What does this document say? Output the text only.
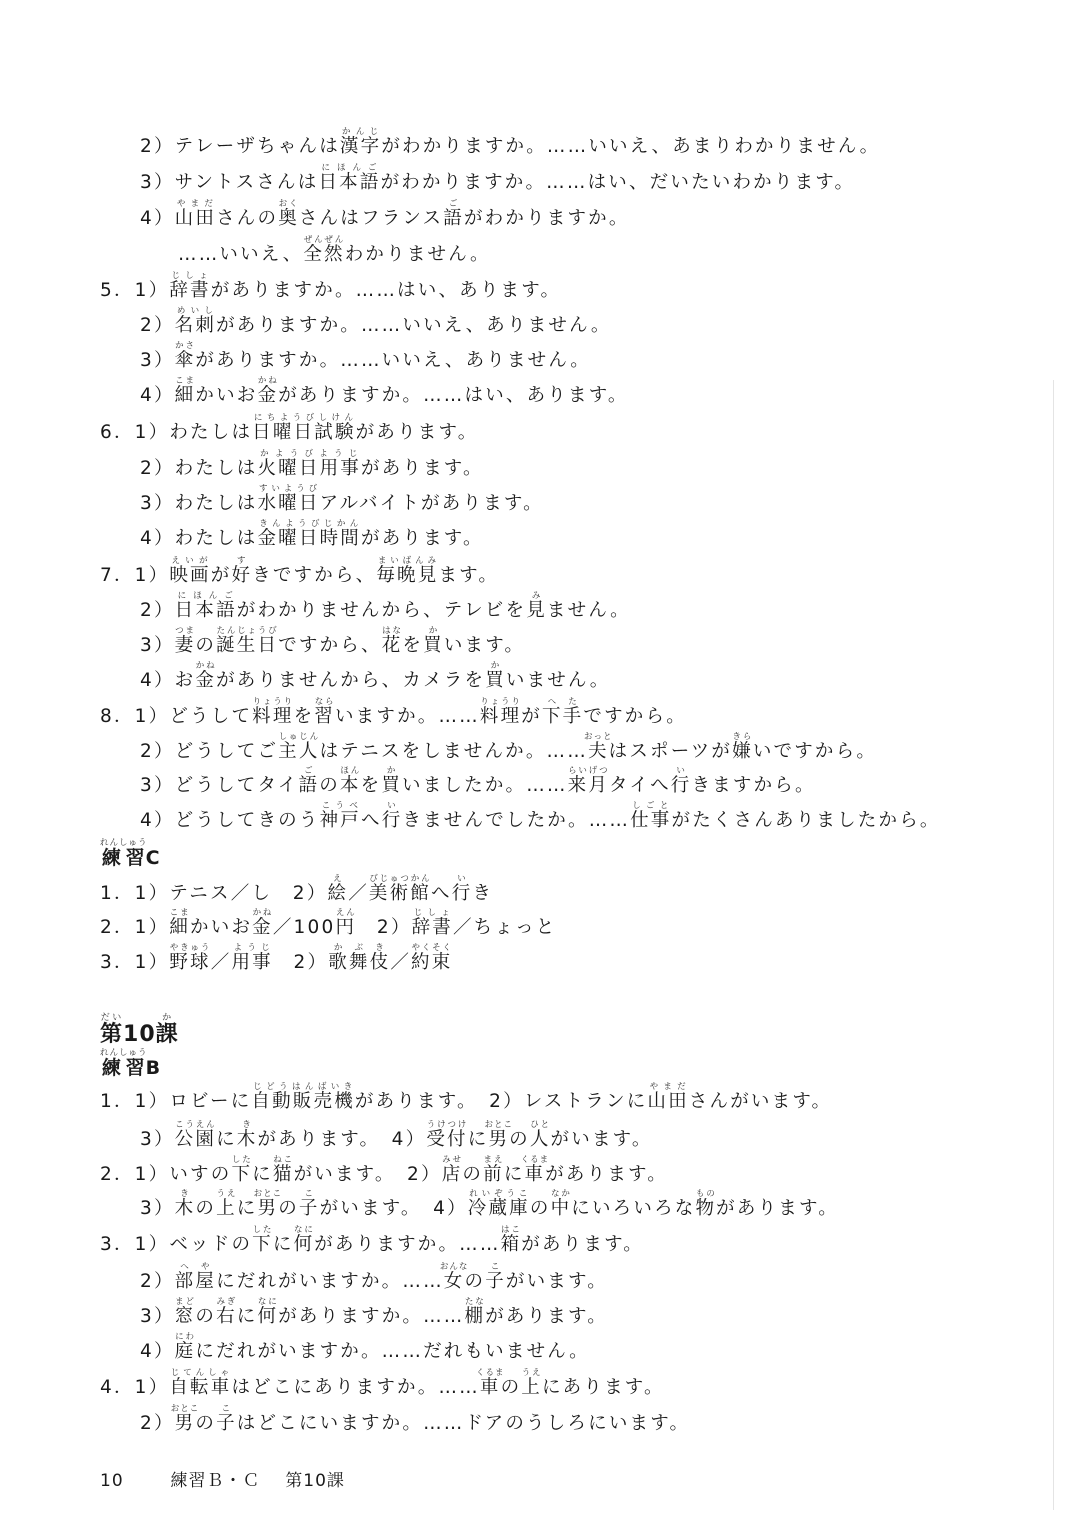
練習れんしゅうC
第だい10課か
練習れんしゅうB
2）テレーザちゃんは漢字かんじがわかりますか。……いいえ、あまりわかりません。
3）サントスさんは日本語にほんごがわかりますか。……はい、だいたいわかります。
4）山田やまださんの奥おくさんはフランス語ごがわかりますか。
……いいえ、全然ぜんぜんわかりません。
5．1）辞書じしょがありますか。……はい、あります。
2）名刺めいしがありますか。……いいえ、ありません。
3）傘かさがありますか。……いいえ、ありません。
4）細こまかいお金かねがありますか。……はい、あります。
6．1）わたしは日曜日試験にちようびしけんがあります。
2）わたしは火曜日用事かようびようじがあります。
3）わたしは水曜日すいようびアルバイトがあります。
4）わたしは金曜日時間きんようびじかんがあります。
7．1）映画えいがが好すきですから、毎晩見まいばんみます。
2）日本語にほんごがわかりませんから、テレビを見みません。
3）妻つまの誕生日たんじょうびですから、花はなを買かいます。
4）お金かねがありませんから、カメラを買かいません。
8．1）どうして料理りょうりを習ならいますか。……料理りょうりが下手へたですから。
2）どうしてご主人しゅじんはテニスをしませんか。……夫おっとはスポーツが嫌きらいですから。
3）どうしてタイ語ごの本ほんを買かいましたか。……来月らいげつタイへ行いきますから。
4）どうしてきのう神戸こうべへ行いきませんでしたか。……仕事しごとがたくさんありましたから。
1．1）テニス／し　2）絵え／美術館びじゅつかんへ行いき
2．1）細こまかいお金かね／100円えん　2）辞書じしょ／ちょっと
3．1）野球やきゅう／用事ようじ　2）歌舞伎かぶき／約束やくそく
1．1）ロビーに自動販売機じどうはんばいきがあります。　2）レストランに山田やまださんがいます。
3）公園こうえんに木きがあります。　4）受付うけつけに男おとこの人ひとがいます。
2．1）いすの下したに猫ねこがいます。　2）店みせの前まえに車くるまがあります。
3）木きの上うえに男おとこの子こがいます。　4）冷蔵庫れいぞうこの中なかにいろいろな物ものがあります。
3．1）ベッドの下したに何なにがありますか。……箱はこがあります。
2）部屋へやにだれがいますか。……女おんなの子こがいます。
3）窓まどの右みぎに何なにがありますか。……棚たながあります。
4）庭にわにだれがいますか。……だれもいません。
4．1）自転車じてんしゃはどこにありますか。……車くるまの上うえにあります。
2）男おとこの子こはどこにいますか。……ドアのうしろにいます。
10	練習Ｂ・Ｃ 第10課
